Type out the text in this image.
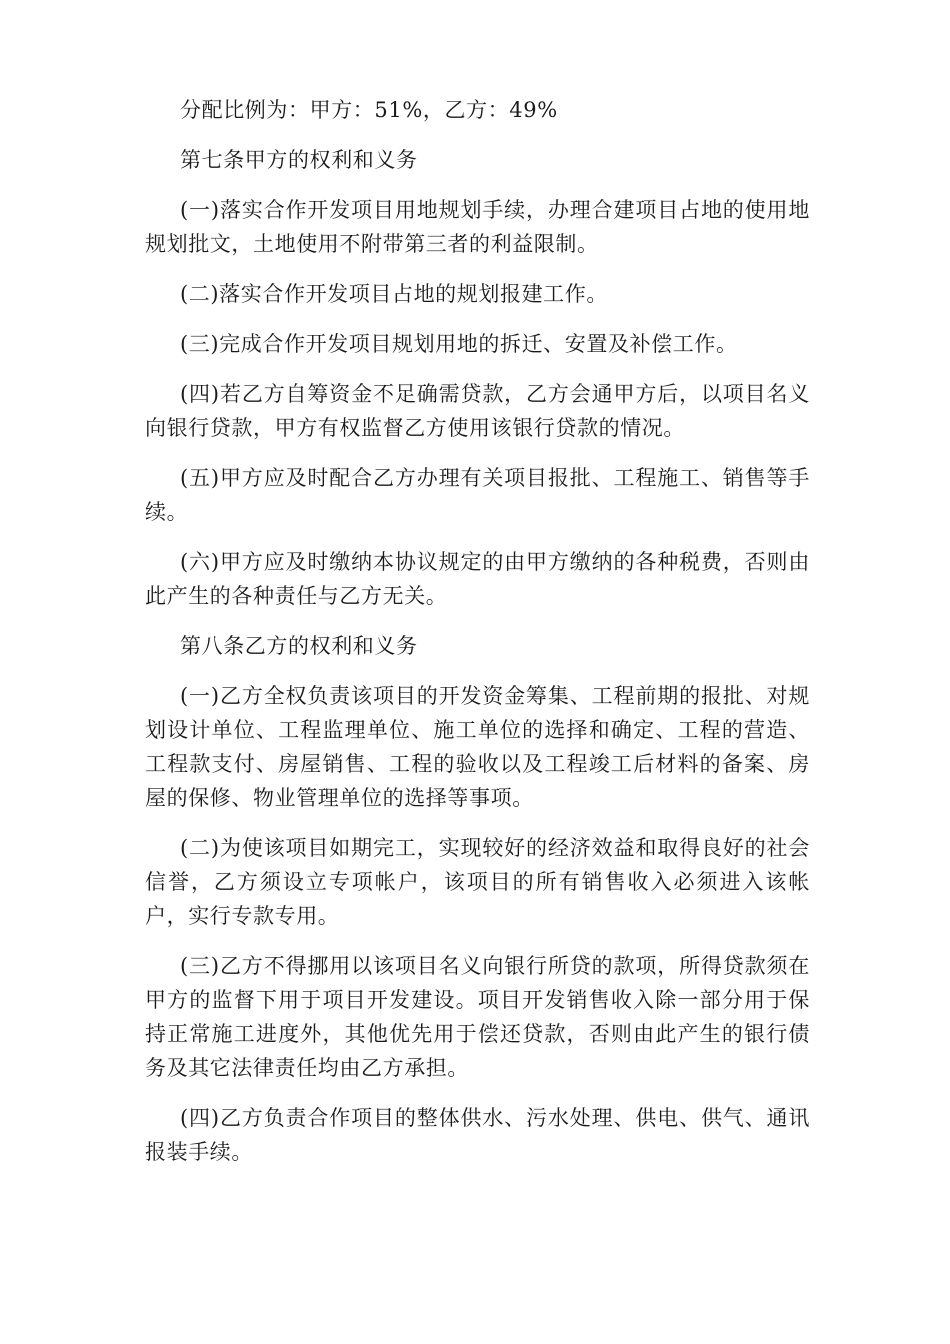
分配比例为：甲方：51%，乙方：49%

第七条甲方的权利和义务

(一)落实合作开发项目用地规划手续，办理合建项目占地的使用地规划批文，土地使用不附带第三者的利益限制。

(二)落实合作开发项目占地的规划报建工作。

(三)完成合作开发项目规划用地的拆迁、安置及补偿工作。

(四)若乙方自筹资金不足确需贷款，乙方会通甲方后，以项目名义向银行贷款，甲方有权监督乙方使用该银行贷款的情况。

(五)甲方应及时配合乙方办理有关项目报批、工程施工、销售等手续。

(六)甲方应及时缴纳本协议规定的由甲方缴纳的各种税费，否则由此产生的各种责任与乙方无关。

第八条乙方的权利和义务

(一)乙方全权负责该项目的开发资金筹集、工程前期的报批、对规划设计单位、工程监理单位、施工单位的选择和确定、工程的营造、工程款支付、房屋销售、工程的验收以及工程竣工后材料的备案、房屋的保修、物业管理单位的选择等事项。

(二)为使该项目如期完工，实现较好的经济效益和取得良好的社会信誉，乙方须设立专项帐户，该项目的所有销售收入必须进入该帐户，实行专款专用。

(三)乙方不得挪用以该项目名义向银行所贷的款项，所得贷款须在甲方的监督下用于项目开发建设。项目开发销售收入除一部分用于保持正常施工进度外，其他优先用于偿还贷款，否则由此产生的银行债务及其它法律责任均由乙方承担。

(四)乙方负责合作项目的整体供水、污水处理、供电、供气、通讯报装手续。
